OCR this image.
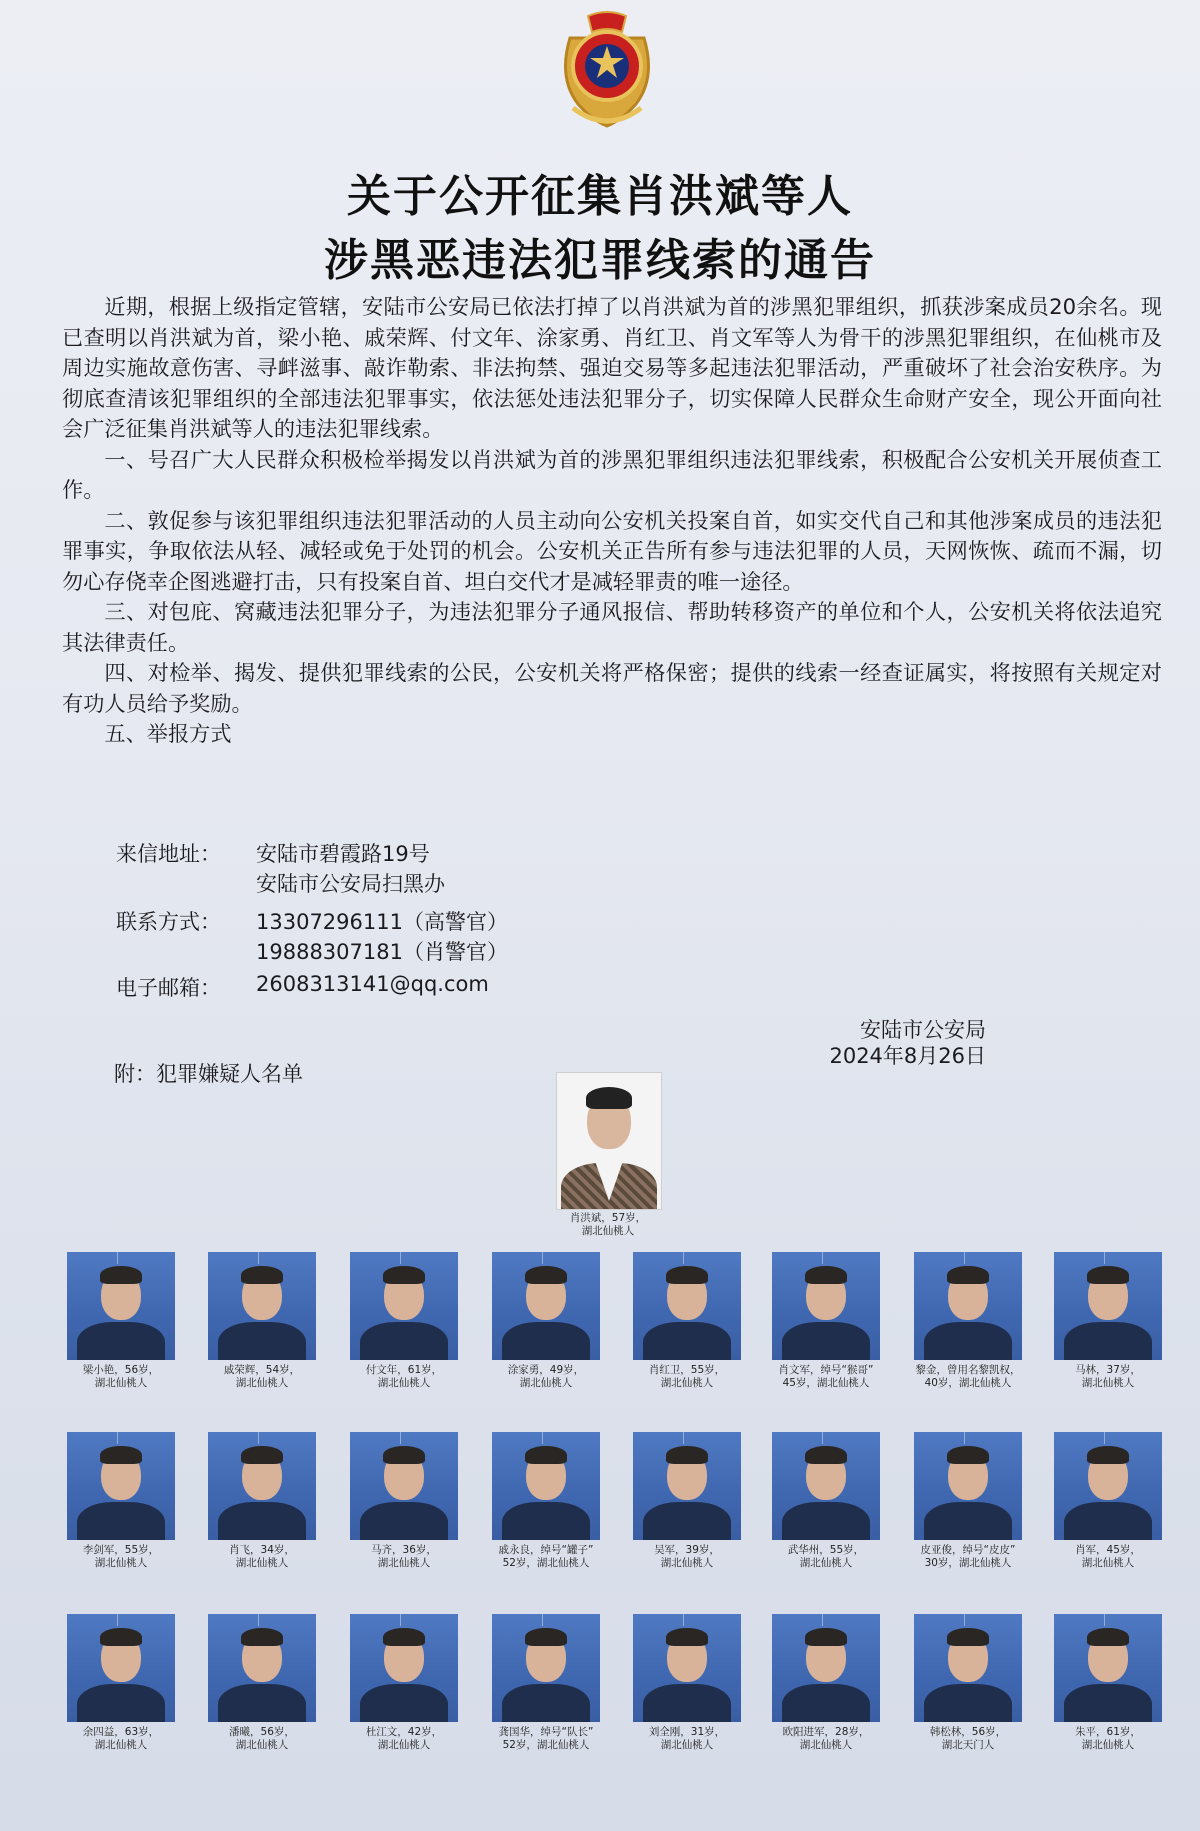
关于公开征集肖洪斌等人
涉黑恶违法犯罪线索的通告

近期，根据上级指定管辖，安陆市公安局已依法打掉了以肖洪斌为首的涉黑犯罪组织，抓获涉案成员20余名。现已查明以肖洪斌为首，梁小艳、戚荣辉、付文年、涂家勇、肖红卫、肖文军等人为骨干的涉黑犯罪组织，在仙桃市及周边实施故意伤害、寻衅滋事、敲诈勒索、非法拘禁、强迫交易等多起违法犯罪活动，严重破坏了社会治安秩序。为彻底查清该犯罪组织的全部违法犯罪事实，依法惩处违法犯罪分子，切实保障人民群众生命财产安全，现公开面向社会广泛征集肖洪斌等人的违法犯罪线索。

一、号召广大人民群众积极检举揭发以肖洪斌为首的涉黑犯罪组织违法犯罪线索，积极配合公安机关开展侦查工作。

二、敦促参与该犯罪组织违法犯罪活动的人员主动向公安机关投案自首，如实交代自己和其他涉案成员的违法犯罪事实，争取依法从轻、减轻或免于处罚的机会。公安机关正告所有参与违法犯罪的人员，天网恢恢、疏而不漏，切勿心存侥幸企图逃避打击，只有投案自首、坦白交代才是减轻罪责的唯一途径。

三、对包庇、窝藏违法犯罪分子，为违法犯罪分子通风报信、帮助转移资产的单位和个人，公安机关将依法追究其法律责任。

四、对检举、揭发、提供犯罪线索的公民，公安机关将严格保密；提供的线索一经查证属实，将按照有关规定对有功人员给予奖励。

五、举报方式

来信地址： 安陆市碧霞路19号
安陆市公安局扫黑办
联系方式： 13307296111（高警官）
19888307181（肖警官）
电子邮箱： 2608313141@qq.com
安陆市公安局
2024年8月26日
附：犯罪嫌疑人名单
肖洪斌，57岁，
湖北仙桃人
梁小艳，56岁，
湖北仙桃人
戚荣辉，54岁，
湖北仙桃人
付文年，61岁，
湖北仙桃人
涂家勇，49岁，
湖北仙桃人
肖红卫，55岁，
湖北仙桃人
肖文军，绰号“猴哥”
45岁，湖北仙桃人
黎金，曾用名黎凯权，
40岁，湖北仙桃人
马林，37岁，
湖北仙桃人
李剑军，55岁，
湖北仙桃人
肖飞，34岁，
湖北仙桃人
马齐，36岁，
湖北仙桃人
戚永良，绰号“罐子”
52岁，湖北仙桃人
吴军，39岁，
湖北仙桃人
武华州，55岁，
湖北仙桃人
皮亚俊，绰号“皮皮”
30岁，湖北仙桃人
肖军，45岁，
湖北仙桃人
余四益，63岁，
湖北仙桃人
潘曦，56岁，
湖北仙桃人
杜江文，42岁，
湖北仙桃人
龚国华，绰号“队长”
52岁，湖北仙桃人
刘全刚，31岁，
湖北仙桃人
欧阳进军，28岁，
湖北仙桃人
韩松林，56岁，
湖北天门人
朱平，61岁，
湖北仙桃人
